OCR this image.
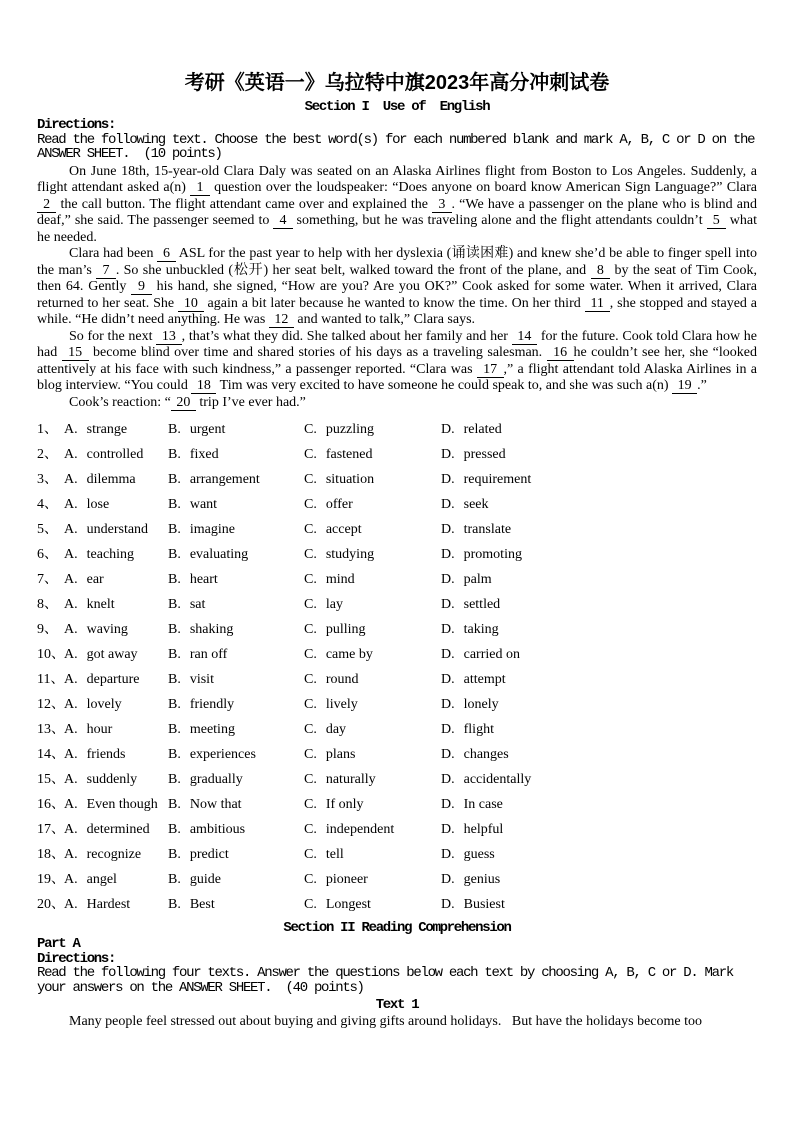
考研《英语一》乌拉特中旗2023年高分冲刺试卷
Section I  Use of  English
Directions:
Read the following text. Choose the best word(s) for each numbered blank and mark A, B, C or D on the
ANSWER SHEET.  (10 points)

On June 18th, 15-year-old Clara Daly was seated on an Alaska Airlines flight from Boston to Los Angeles. Suddenly, a flight attendant asked a(n)  1  question over the loudspeaker: “Does anyone on board know American Sign Language?” Clara  2  the call button. The flight attendant came over and explained the  3 . “We have a passenger on the plane who is blind and deaf,” she said. The passenger seemed to  4  something, but he was traveling alone and the flight attendants couldn’t  5  what he needed.

Clara had been  6  ASL for the past year to help with her dyslexia (诵读困难) and knew she’d be able to finger spell into the man’s  7 . So she unbuckled (松开) her seat belt, walked toward the front of the plane, and  8  by the seat of Tim Cook, then 64. Gently  9  his hand, she signed, “How are you? Are you OK?” Cook asked for some water. When it arrived, Clara returned to her seat. She  10  again a bit later because he wanted to know the time. On her third  11 , she stopped and stayed a while. “He didn’t need anything. He was  12  and wanted to talk,” Clara says.

So for the next  13 , that’s what they did. She talked about her family and her  14  for the future. Cook told Clara how he had  15  become blind over time and shared stories of his days as a traveling salesman.  16 he couldn’t see her, she “looked attentively at his face with such kindness,” a passenger reported. “Clara was  17 ,” a flight attendant told Alaska Airlines in a blog interview. “You could  18  Tim was very excited to have someone he could speak to, and she was such a(n)  19 .”

Cook’s reaction: “ 20  trip I’ve ever had.”

1、 A. strange	B. urgent	C. puzzling	D. related
2、 A. controlled	B. fixed	C. fastened	D. pressed
3、 A. dilemma	B. arrangement	C. situation	D. requirement
4、 A. lose	B. want	C. offer	D. seek
5、 A. understand	B. imagine	C. accept	D. translate
6、 A. teaching	B. evaluating	C. studying	D. promoting
7、 A. ear	B. heart	C. mind	D. palm
8、 A. knelt	B. sat	C. lay	D. settled
9、 A. waving	B. shaking	C. pulling	D. taking
10、 A. got away	B. ran off	C. came by	D. carried on
11、 A. departure	B. visit	C. round	D. attempt
12、 A. lovely	B. friendly	C. lively	D. lonely
13、 A. hour	B. meeting	C. day	D. flight
14、 A. friends	B. experiences	C. plans	D. changes
15、 A. suddenly	B. gradually	C. naturally	D. accidentally
16、 A. Even though B. Now that	C. If only	D. In case
17、 A. determined	B. ambitious	C. independent	D. helpful
18、 A. recognize	B. predict	C. tell	D. guess
19、 A. angel	B. guide	C. pioneer	D. genius
20、 A. Hardest	B. Best	C. Longest	D. Busiest
Section II Reading Comprehension
Part A
Directions:
Read the following four texts. Answer the questions below each text by choosing A, B, C or D. Mark
your answers on the ANSWER SHEET.  (40 points)
Text 1

Many people feel stressed out about buying and giving gifts around holidays.   But have the holidays become too
